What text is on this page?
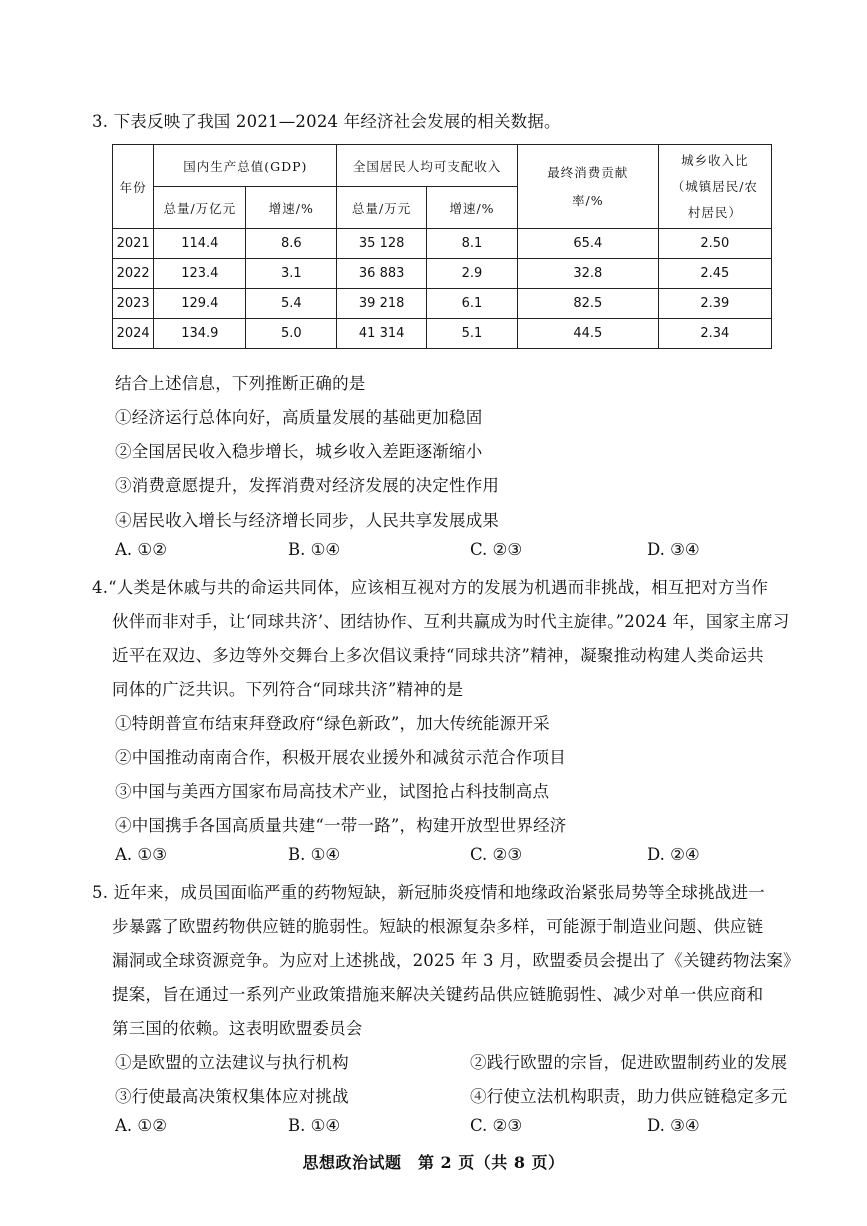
3. 下表反映了我国 2021—2024 年经济社会发展的相关数据。
年份	国内生产总值(GDP)		全国居民人均可支配收入		最终消费贡献率/%	城乡收入比（城镇居民/农村居民）
	总量/万亿元	增速/%	总量/万元	增速/%		
2021	114.4	8.6	35 128	8.1	65.4	2.50
2022	123.4	3.1	36 883	2.9	32.8	2.45
2023	129.4	5.4	39 218	6.1	82.5	2.39
2024	134.9	5.0	41 314	5.1	44.5	2.34
结合上述信息，下列推断正确的是
①经济运行总体向好，高质量发展的基础更加稳固
②全国居民收入稳步增长，城乡收入差距逐渐缩小
③消费意愿提升，发挥消费对经济发展的决定性作用
④居民收入增长与经济增长同步，人民共享发展成果
A. ①②	B. ①④	C. ②③	D. ③④
4.“人类是休戚与共的命运共同体，应该相互视对方的发展为机遇而非挑战，相互把对方当作
伙伴而非对手，让‘同球共济’、团结协作、互利共赢成为时代主旋律。”2024 年，国家主席习
近平在双边、多边等外交舞台上多次倡议秉持“同球共济”精神，凝聚推动构建人类命运共
同体的广泛共识。下列符合“同球共济”精神的是
①特朗普宣布结束拜登政府“绿色新政”，加大传统能源开采
②中国推动南南合作，积极开展农业援外和减贫示范合作项目
③中国与美西方国家布局高技术产业，试图抢占科技制高点
④中国携手各国高质量共建“一带一路”，构建开放型世界经济
A. ①③	B. ①④	C. ②③	D. ②④
5. 近年来，成员国面临严重的药物短缺，新冠肺炎疫情和地缘政治紧张局势等全球挑战进一
步暴露了欧盟药物供应链的脆弱性。短缺的根源复杂多样，可能源于制造业问题、供应链
漏洞或全球资源竞争。为应对上述挑战，2025 年 3 月，欧盟委员会提出了《关键药物法案》
提案，旨在通过一系列产业政策措施来解决关键药品供应链脆弱性、减少对单一供应商和
第三国的依赖。这表明欧盟委员会
①是欧盟的立法建议与执行机构	②践行欧盟的宗旨，促进欧盟制药业的发展
③行使最高决策权集体应对挑战	④行使立法机构职责，助力供应链稳定多元
A. ①②	B. ①④	C. ②③	D. ③④
思想政治试题　第 2 页（共 8 页）
